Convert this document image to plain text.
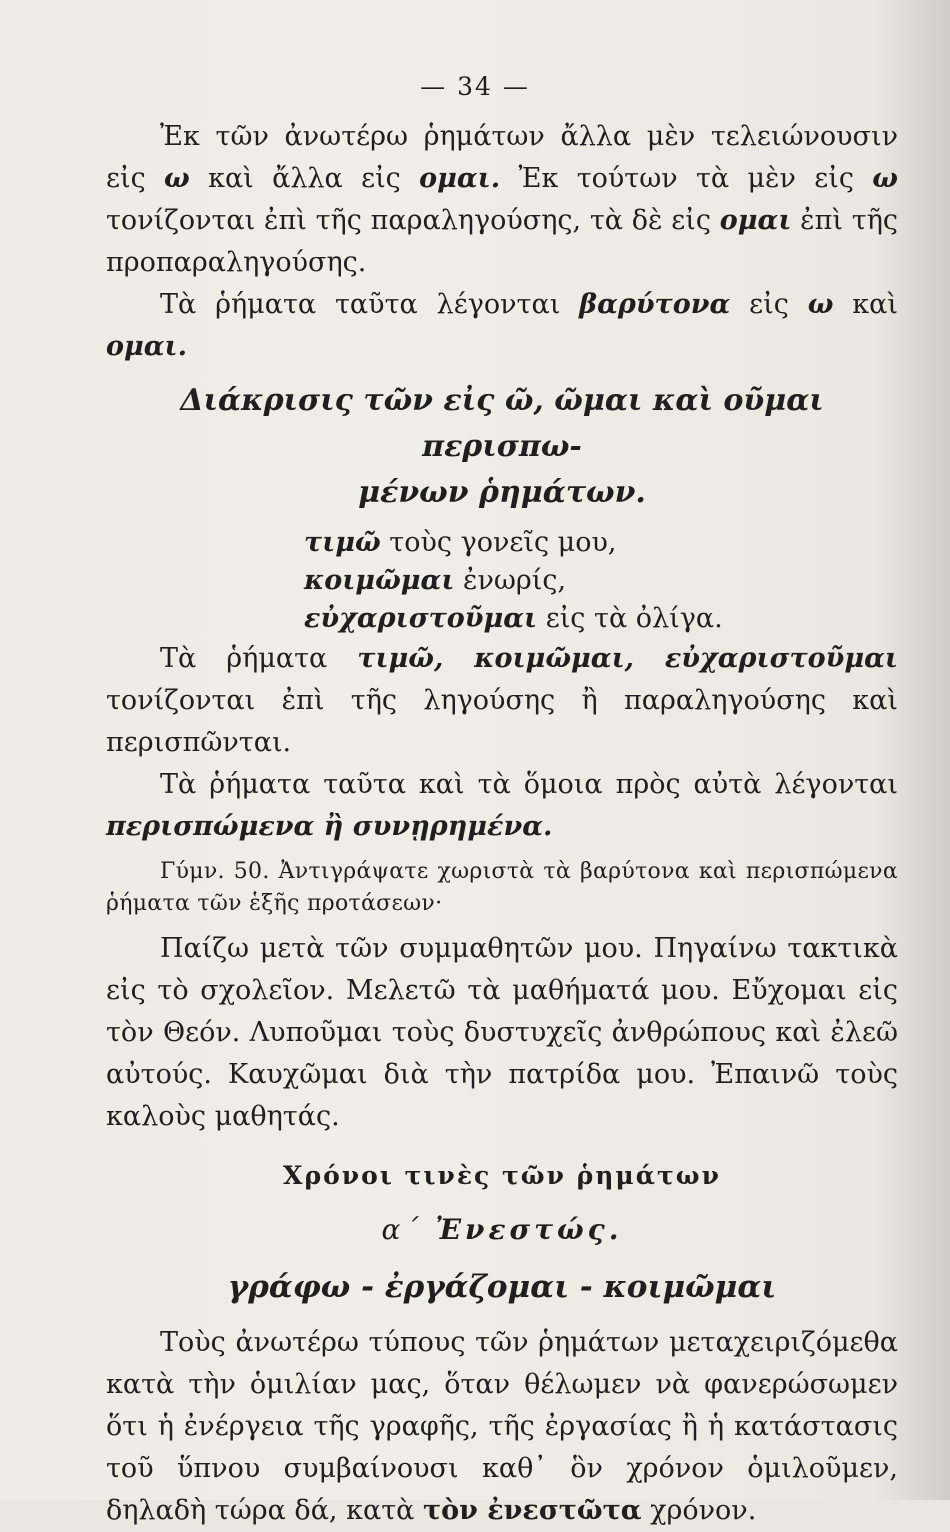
— 34 —

Ἐκ τῶν ἀνωτέρω ῥημάτων ἄλλα μὲν τελειώνουσιν εἰς ω καὶ ἄλλα εἰς ομαι. Ἐκ τούτων τὰ μὲν εἰς ω τονίζονται ἐπὶ τῆς παραληγούσης, τὰ δὲ εἰς ομαι ἐπὶ τῆς προπαραληγούσης.

Τὰ ῥήματα ταῦτα λέγονται βαρύτονα εἰς ω καὶ ομαι.

Διάκρισις τῶν εἰς ῶ, ῶμαι καὶ οῦμαι περισπω-
μένων ῥημάτων.
τιμῶ τοὺς γονεῖς μου,
κοιμῶμαι ἐνωρίς,
εὐχαριστοῦμαι εἰς τὰ ὀλίγα.

Τὰ ῥήματα τιμῶ, κοιμῶμαι, εὐχαριστοῦμαι τονίζονται ἐπὶ τῆς ληγούσης ἢ παραληγούσης καὶ περισπῶνται.

Τὰ ῥήματα ταῦτα καὶ τὰ ὅμοια πρὸς αὐτὰ λέγονται περισπώμενα ἢ συνῃρημένα.

Γύμν. 50. Ἀντιγράψατε χωριστὰ τὰ βαρύτονα καὶ περισπώμενα ῥήματα τῶν ἑξῆς προτάσεων·

Παίζω μετὰ τῶν συμμαθητῶν μου. Πηγαίνω τακτικὰ εἰς τὸ σχολεῖον. Μελετῶ τὰ μαθήματά μου. Εὔχομαι εἰς τὸν Θεόν. Λυποῦμαι τοὺς δυστυχεῖς ἀνθρώπους καὶ ἐλεῶ αὐτούς. Καυχῶμαι διὰ τὴν πατρίδα μου. Ἐπαινῶ τοὺς καλοὺς μαθητάς.

Χρόνοι τινὲς τῶν ῥημάτων
α΄ Ἐνεστώς.
γράφω - ἐργάζομαι - κοιμῶμαι

Τοὺς ἀνωτέρω τύπους τῶν ῥημάτων μεταχειριζόμεθα κατὰ τὴν ὁμιλίαν μας, ὅταν θέλωμεν νὰ φανερώσωμεν ὅτι ἡ ἐνέργεια τῆς γραφῆς, τῆς ἐργασίας ἢ ἡ κατάστασις τοῦ ὕπνου συμβαίνουσι καθ᾽ ὃν χρόνον ὁμιλοῦμεν, δηλαδὴ τώρα δά, κατὰ τὸν ἐνεστῶτα χρόνον.
